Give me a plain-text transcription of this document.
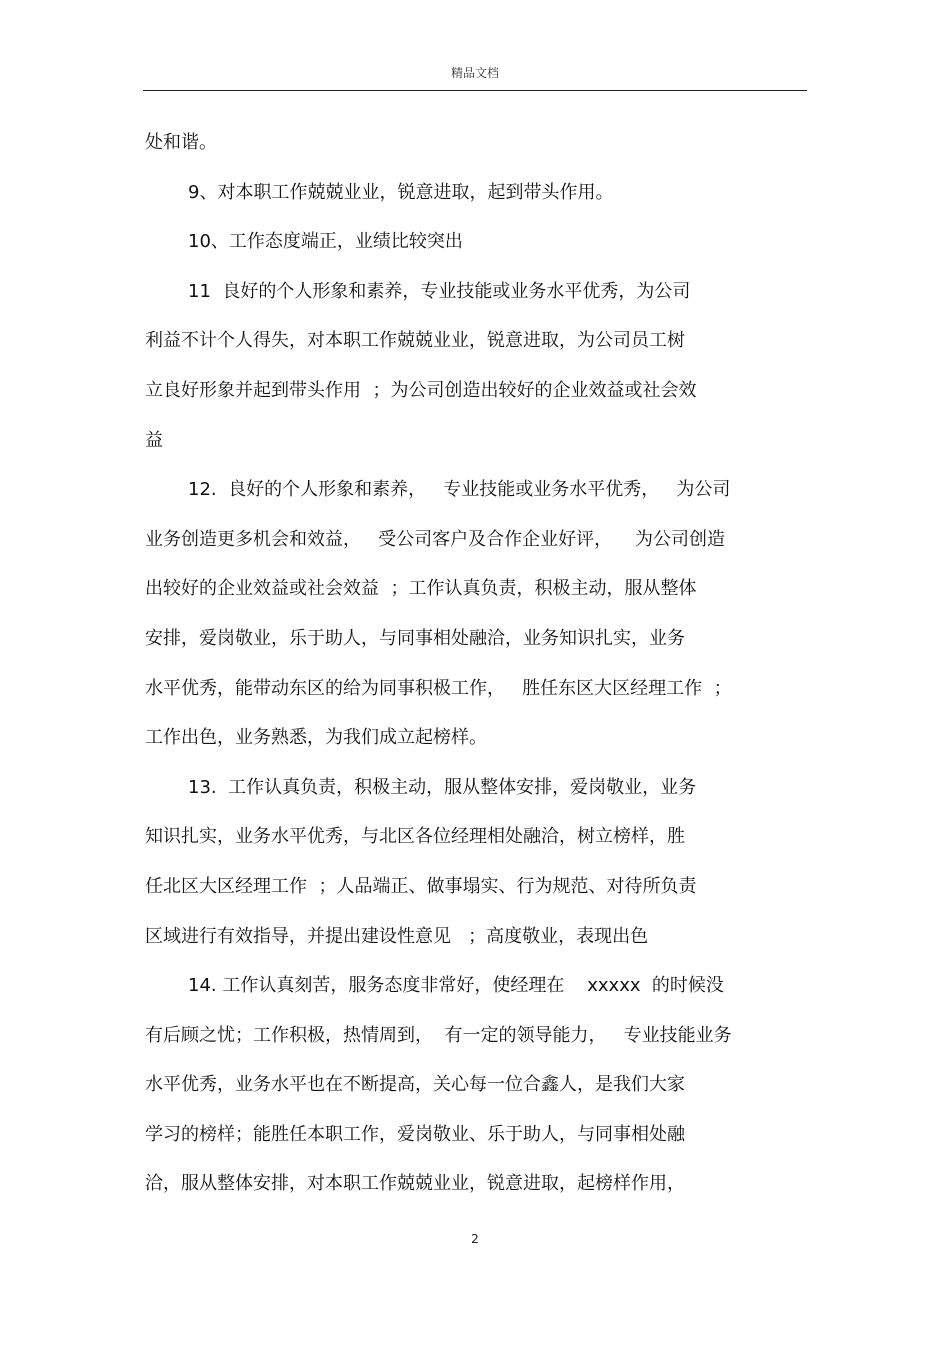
精品文档
处和谐。
9、对本职工作兢兢业业，锐意进取，起到带头作用。
10、工作态度端正，业绩比较突出
11  良好的个人形象和素养，专业技能或业务水平优秀，为公司
利益不计个人得失，对本职工作兢兢业业，锐意进取，为公司员工树
立良好形象并起到带头作用  ；为公司创造出较好的企业效益或社会效
益
12.  良好的个人形象和素养，   专业技能或业务水平优秀，   为公司
业务创造更多机会和效益，   受公司客户及合作企业好评，    为公司创造
出较好的企业效益或社会效益  ；工作认真负责，积极主动，服从整体
安排，爱岗敬业，乐于助人，与同事相处融洽，业务知识扎实，业务
水平优秀，能带动东区的给为同事积极工作，   胜任东区大区经理工作  ；
工作出色，业务熟悉，为我们成立起榜样。
13.  工作认真负责，积极主动，服从整体安排，爱岗敬业，业务
知识扎实，业务水平优秀，与北区各位经理相处融洽，树立榜样，胜
任北区大区经理工作  ；人品端正、做事塌实、行为规范、对待所负责
区域进行有效指导，并提出建设性意见   ；高度敬业，表现出色
14. 工作认真刻苦，服务态度非常好，使经理在    xxxxx  的时候没
有后顾之忧；工作积极，热情周到，  有一定的领导能力，   专业技能业务
水平优秀，业务水平也在不断提高，关心每一位合鑫人，是我们大家
学习的榜样；能胜任本职工作，爱岗敬业、乐于助人，与同事相处融
洽，服从整体安排，对本职工作兢兢业业，锐意进取，起榜样作用，
2
